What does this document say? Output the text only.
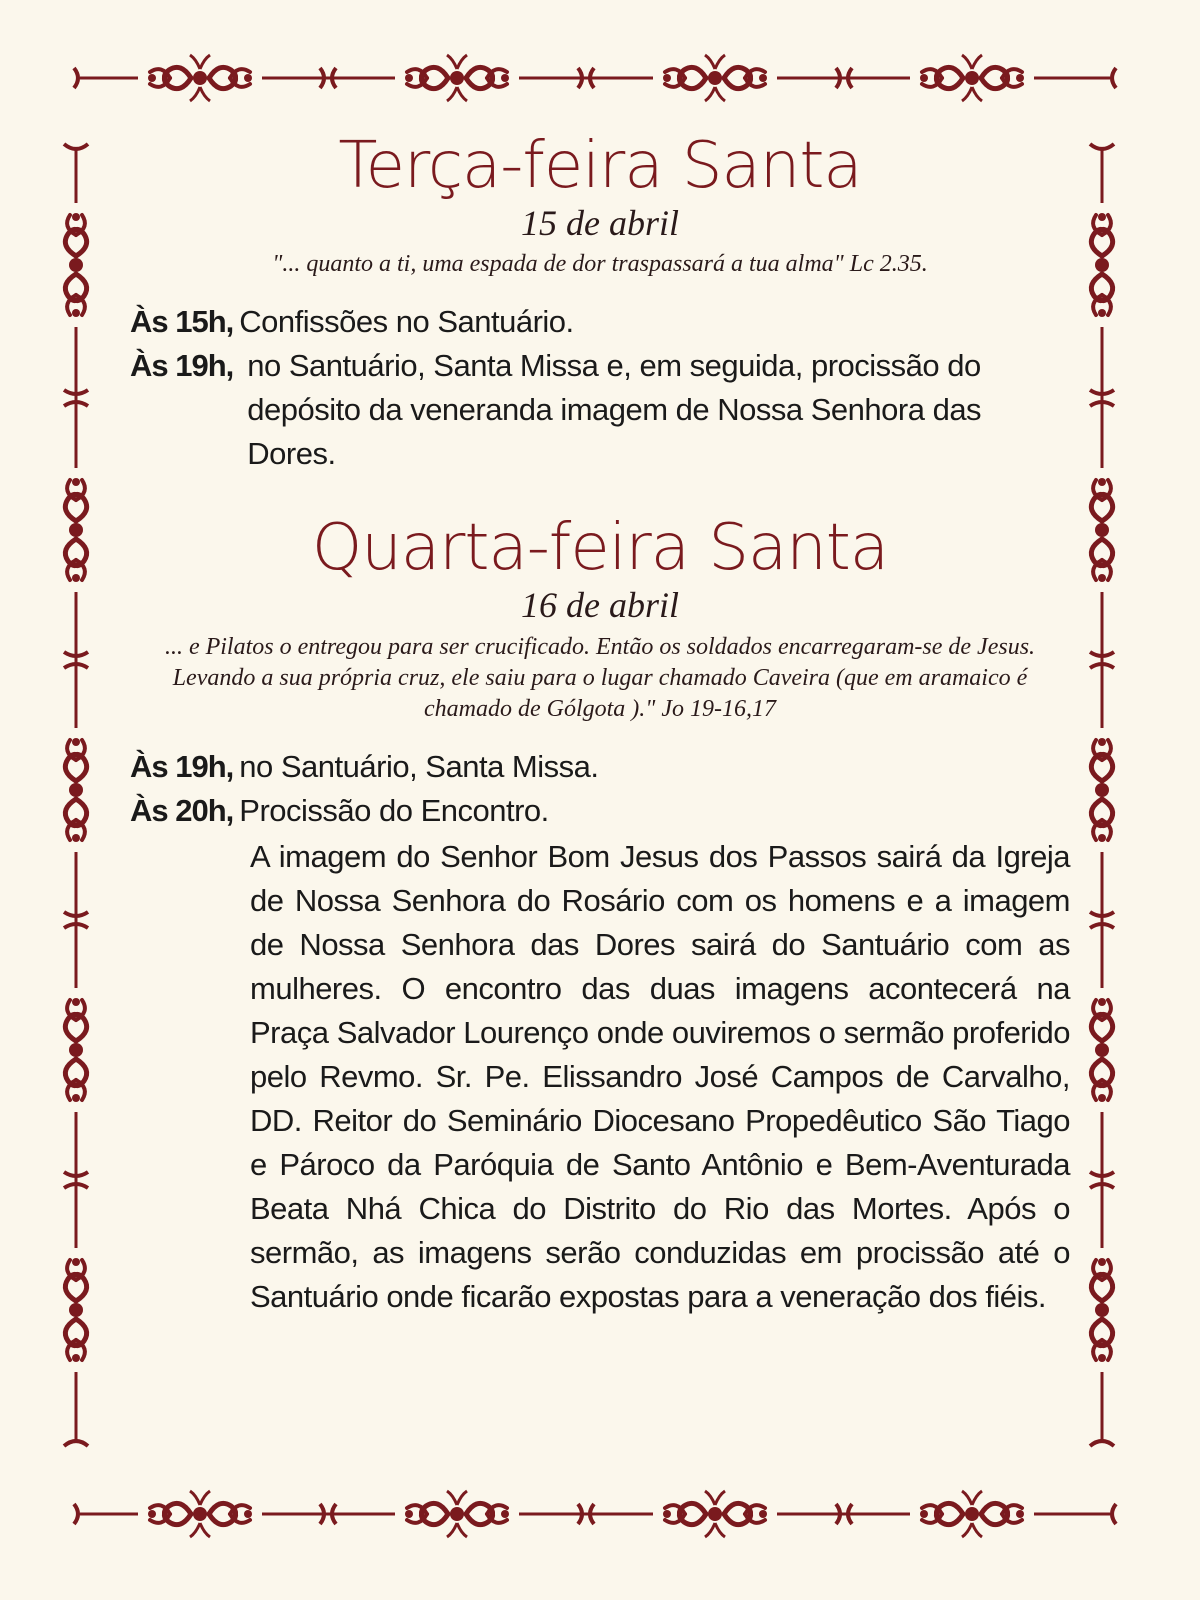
Terça-feira Santa

15 de abril

"... quanto a ti, uma espada de dor traspassará a tua alma" Lc 2.35.

Às 15h, Confissões no Santuário.
Às 19h, no Santuário, Santa Missa e, em seguida, procissão do depósito da veneranda imagem de Nossa Senhora das Dores.
Quarta-feira Santa

16 de abril

... e Pilatos o entregou para ser crucificado. Então os soldados encarregaram-se de Jesus. Levando a sua própria cruz, ele saiu para o lugar chamado Caveira (que em aramaico é chamado de Gólgota )." Jo 19-16,17

Às 19h, no Santuário, Santa Missa.
Às 20h, Procissão do Encontro.

A imagem do Senhor Bom Jesus dos Passos sairá da Igreja de Nossa Senhora do Rosário com os homens e a imagem de Nossa Senhora das Dores sairá do Santuário com as mulheres. O encontro das duas imagens acontecerá na Praça Salvador Lourenço onde ouviremos o sermão proferido pelo Revmo. Sr. Pe. Elissandro José Campos de Carvalho, DD. Reitor do Seminário Diocesano Propedêutico São Tiago e Pároco da Paróquia de Santo Antônio e Bem-Aventurada Beata Nhá Chica do Distrito do Rio das Mortes. Após o sermão, as imagens serão conduzidas em procissão até o Santuário onde ficarão expostas para a veneração dos fiéis.
